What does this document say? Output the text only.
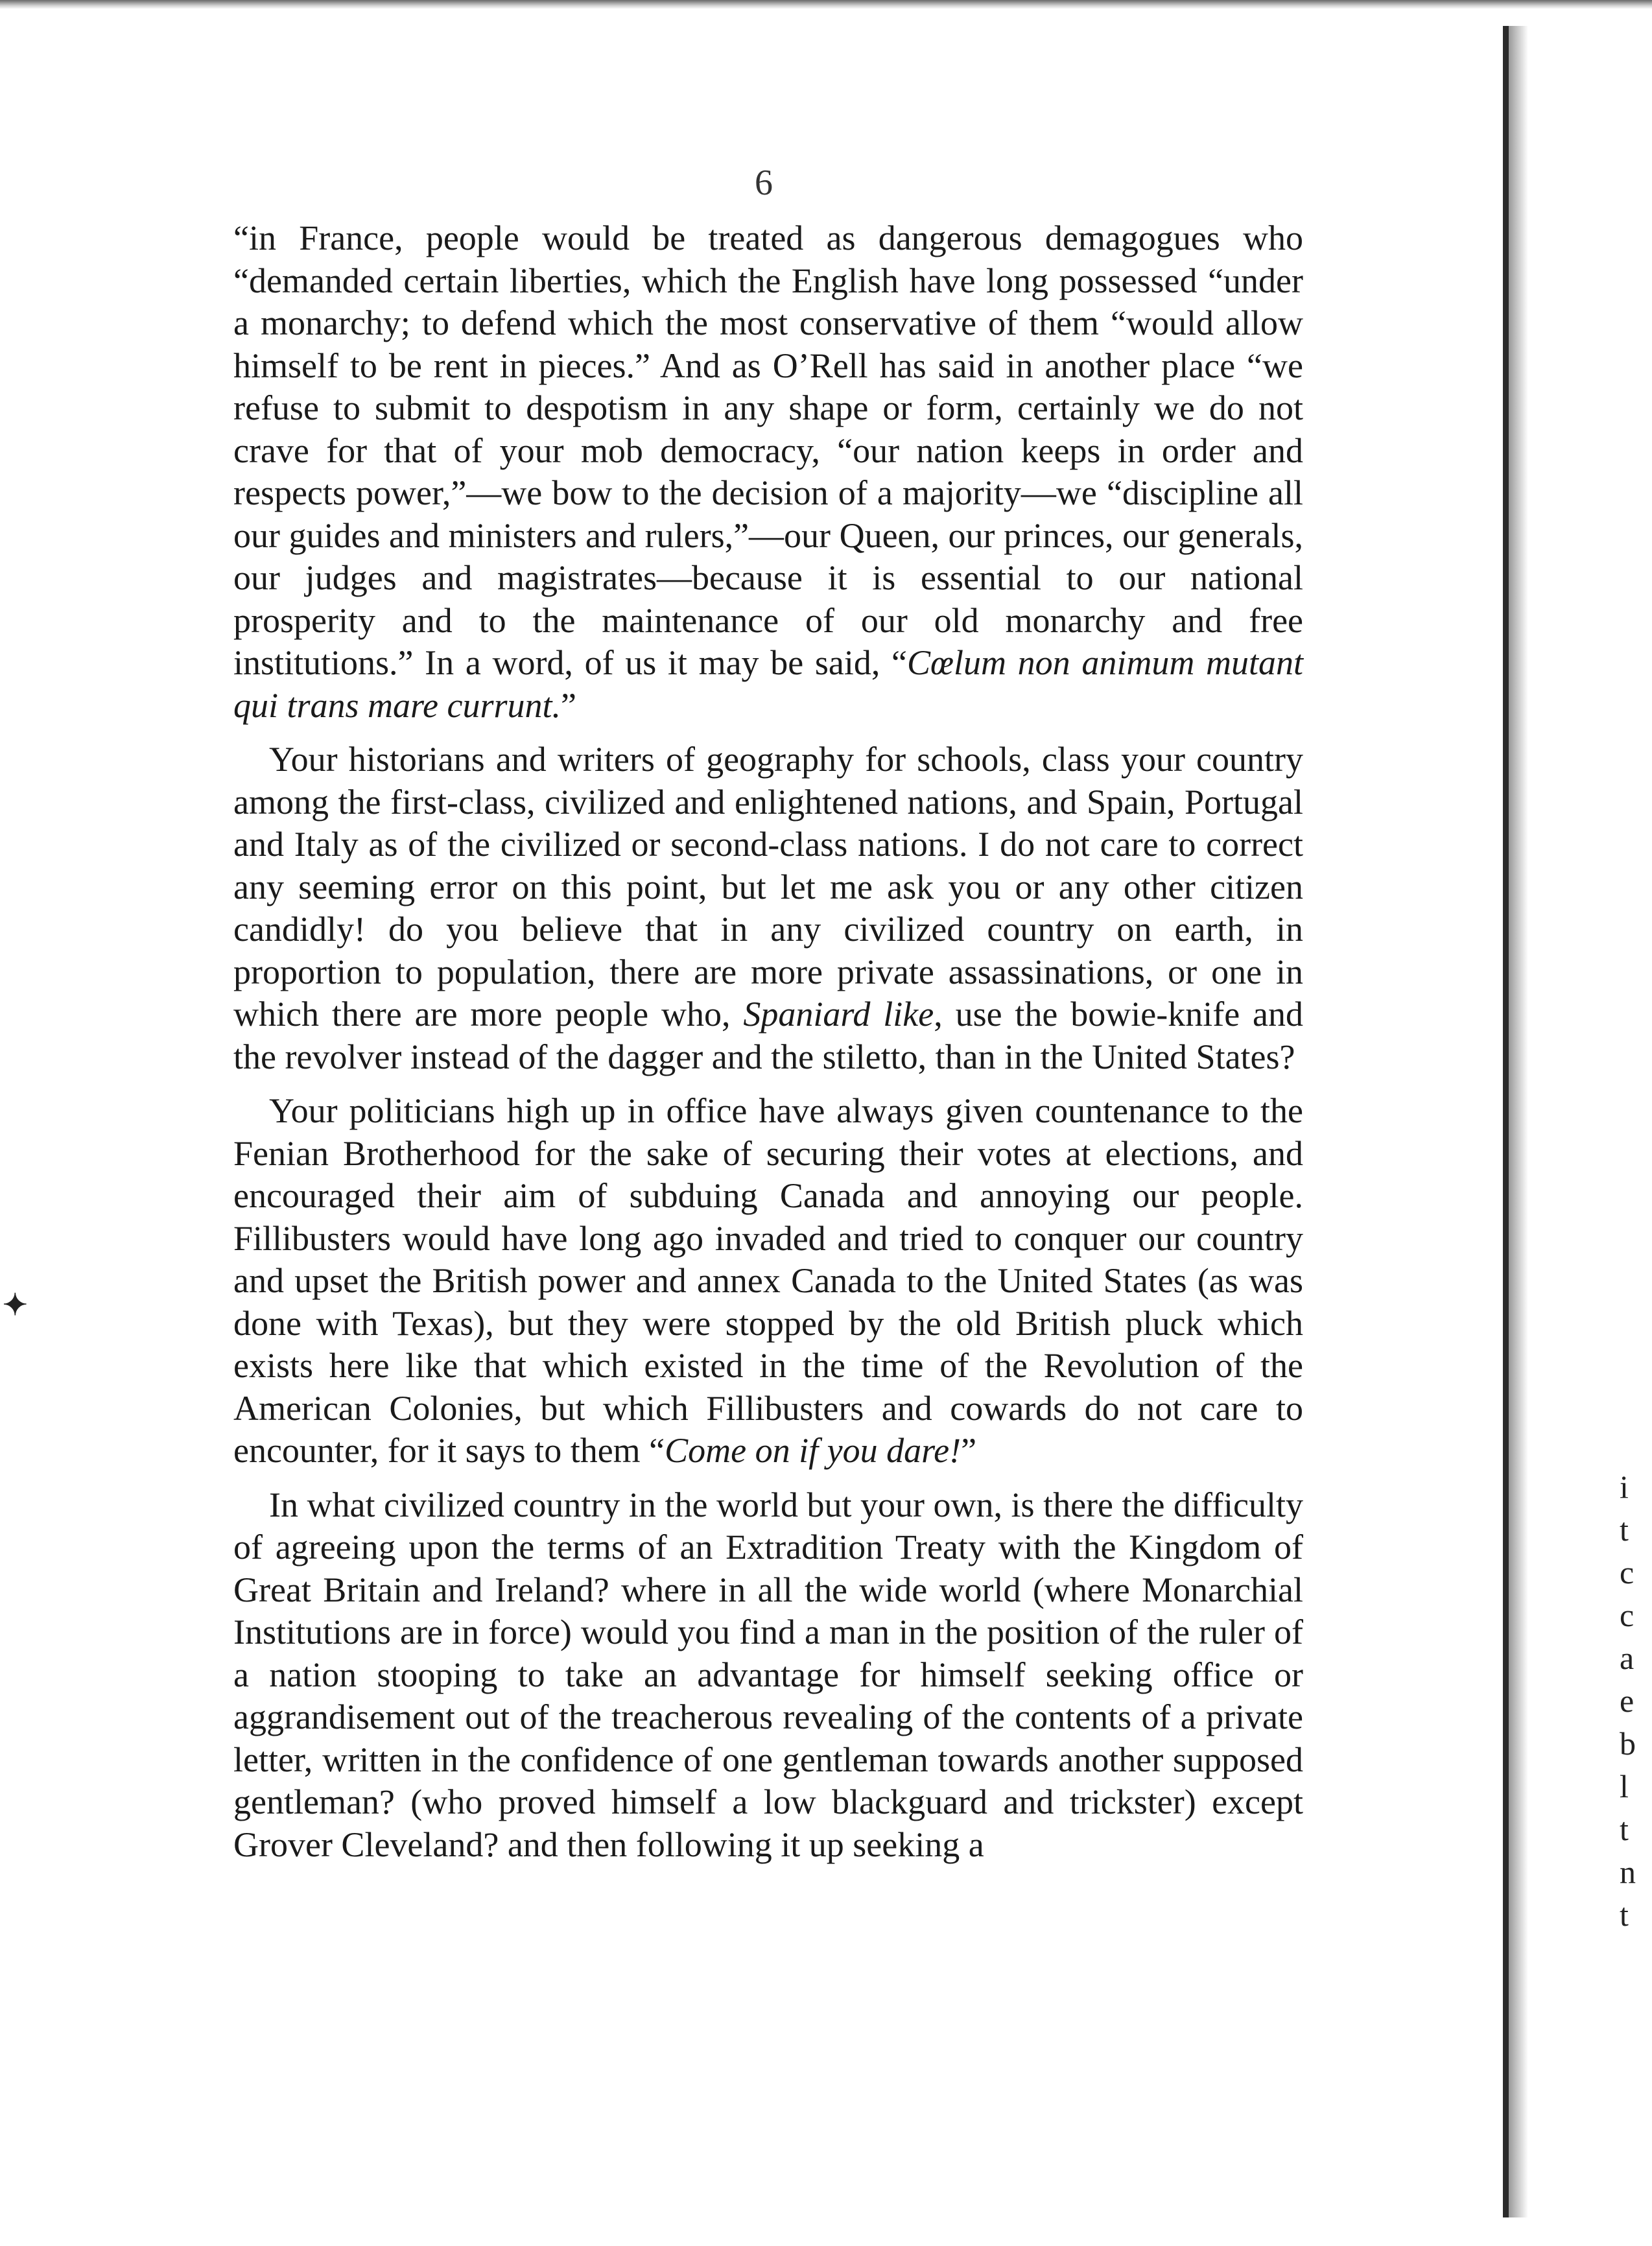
✦
6

“in France, people would be treated as dangerous demagogues who “demanded certain liberties, which the English have long possessed “under a monarchy; to defend which the most conservative of them “would allow himself to be rent in pieces.” And as O’Rell has said in another place “we refuse to submit to despotism in any shape or form, certainly we do not crave for that of your mob democracy, “our nation keeps in order and respects power,”—we bow to the decision of a majority—we “discipline all our guides and ministers and rulers,”—our Queen, our princes, our generals, our judges and magistrates—because it is essential to our national prosperity and to the maintenance of our old monarchy and free institutions.” In a word, of us it may be said, “Cœlum non animum mutant qui trans mare currunt.”

Your historians and writers of geography for schools, class your country among the first-class, civilized and enlightened nations, and Spain, Portugal and Italy as of the civilized or second-class nations. I do not care to correct any seeming error on this point, but let me ask you or any other citizen candidly! do you believe that in any civilized country on earth, in proportion to population, there are more private assassinations, or one in which there are more people who, Spaniard like, use the bowie-knife and the revolver instead of the dagger and the stiletto, than in the United States?

Your politicians high up in office have always given countenance to the Fenian Brotherhood for the sake of securing their votes at elections, and encouraged their aim of subduing Canada and annoying our people. Fillibusters would have long ago invaded and tried to conquer our country and upset the British power and annex Canada to the United States (as was done with Texas), but they were stopped by the old British pluck which exists here like that which existed in the time of the Revolution of the American Colonies, but which Fillibusters and cowards do not care to encounter, for it says to them “Come on if you dare!”

In what civilized country in the world but your own, is there the difficulty of agreeing upon the terms of an Extradition Treaty with the Kingdom of Great Britain and Ireland? where in all the wide world (where Monarchial Institutions are in force) would you find a man in the position of the ruler of a nation stooping to take an advantage for himself seeking office or aggrandisement out of the treacherous revealing of the contents of a private letter, written in the confidence of one gentleman towards another supposed gentleman? (who proved himself a low blackguard and trickster) except Grover Cleveland? and then following it up seeking a

i
t
c
c
a
e
b
l
t
n
t
